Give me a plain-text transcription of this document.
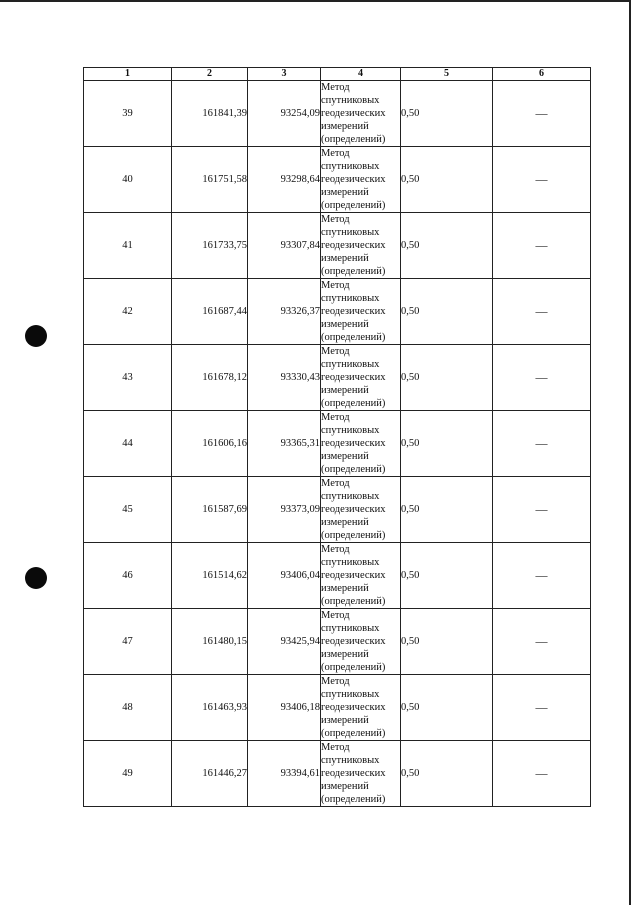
1	2	3	4	5	6
39	161841,39	93254,09	Метод
спутниковых
геодезических
измерений
(определений)	0,50	—
40	161751,58	93298,64	Метод
спутниковых
геодезических
измерений
(определений)	0,50	—
41	161733,75	93307,84	Метод
спутниковых
геодезических
измерений
(определений)	0,50	—
42	161687,44	93326,37	Метод
спутниковых
геодезических
измерений
(определений)	0,50	—
43	161678,12	93330,43	Метод
спутниковых
геодезических
измерений
(определений)	0,50	—
44	161606,16	93365,31	Метод
спутниковых
геодезических
измерений
(определений)	0,50	—
45	161587,69	93373,09	Метод
спутниковых
геодезических
измерений
(определений)	0,50	—
46	161514,62	93406,04	Метод
спутниковых
геодезических
измерений
(определений)	0,50	—
47	161480,15	93425,94	Метод
спутниковых
геодезических
измерений
(определений)	0,50	—
48	161463,93	93406,18	Метод
спутниковых
геодезических
измерений
(определений)	0,50	—
49	161446,27	93394,61	Метод
спутниковых
геодезических
измерений
(определений)	0,50	—
